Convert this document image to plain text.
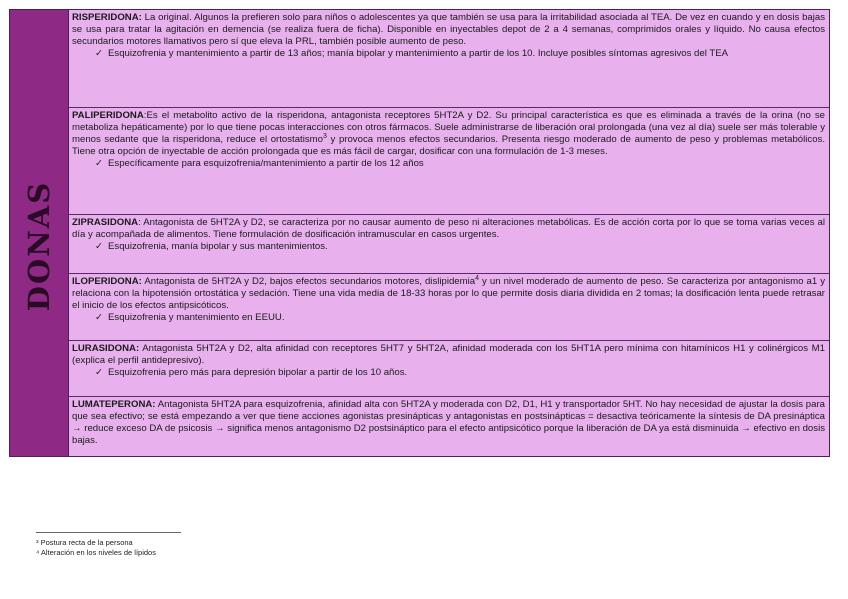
DONAS
RISPERIDONA: La original. Algunos la prefieren solo para niños o adolescentes ya que también se usa para la irritabilidad asociada al TEA. De vez en cuando y en dosis bajas se usa para tratar la agitación en demencia (se realiza fuera de ficha). Disponible en inyectables depot de 2 a 4 semanas, comprimidos orales y líquido. No causa efectos secundarios motores llamativos pero sí que eleva la PRL, también posible aumento de peso.
✓ Esquizofrenia y mantenimiento a partir de 13 años; manía bipolar y mantenimiento a partir de los 10. Incluye posibles síntomas agresivos del TEA
PALIPERIDONA:Es el metabolito activo de la risperidona, antagonista receptores 5HT2A y D2. Su principal característica es que es eliminada a través de la orina (no se metaboliza hepáticamente) por lo que tiene pocas interacciones con otros fármacos. Suele administrarse de liberación oral prolongada (una vez al día) suele ser más tolerable y menos sedante que la risperidona, reduce el ortostatismo$^3$ y provoca menos efectos secundarios. Presenta riesgo moderado de aumento de peso y problemas metabólicos. Tiene otra opción de inyectable de acción prolongada que es más fácil de cargar, dosificar con una formulación de 1-3 meses.
✓ Específicamente para esquizofrenia/mantenimiento a partir de los 12 años
ZIPRASIDONA: Antagonista de 5HT2A y D2, se caracteriza por no causar aumento de peso ni alteraciones metabólicas. Es de acción corta por lo que se toma varias veces al día y acompañada de alimentos. Tiene formulación de dosificación intramuscular en casos urgentes.
✓ Esquizofrenia, manía bipolar y sus mantenimientos.
ILOPERIDONA: Antagonista de 5HT2A y D2, bajos efectos secundarios motores, dislipidemia$^4$ y un nivel moderado de aumento de peso. Se caracteriza por antagonismo a1 y relaciona con la hipotensión ortostática y sedación. Tiene una vida media de 18-33 horas por lo que permite dosis diaria dividida en 2 tomas; la dosificación lenta puede retrasar el inicio de los efectos antipsicóticos.
✓ Esquizofrenia y mantenimiento en EEUU.
LURASIDONA: Antagonista 5HT2A y D2, alta afinidad con receptores 5HT7 y 5HT2A, afinidad moderada con los 5HT1A pero mínima con hitamínicos H1 y colinérgicos M1 (explica el perfil antidepresivo).
✓ Esquizofrenia pero más para depresión bipolar a partir de los 10 años.
LUMATEPERONA: Antagonista 5HT2A para esquizofrenia, afinidad alta con 5HT2A y moderada con D2, D1, H1 y transportador 5HT. No hay necesidad de ajustar la dosis para que sea efectivo; se está empezando a ver que tiene acciones agonistas presinápticas y antagonistas en postsinápticas = desactiva teóricamente la síntesis de DA presináptica → reduce exceso DA de psicosis → significa menos antagonismo D2 postsináptico para el efecto antipsicótico porque la liberación de DA ya está disminuida → efectivo en dosis bajas.
³ Postura recta de la persona
⁴ Alteración en los niveles de lípidos
